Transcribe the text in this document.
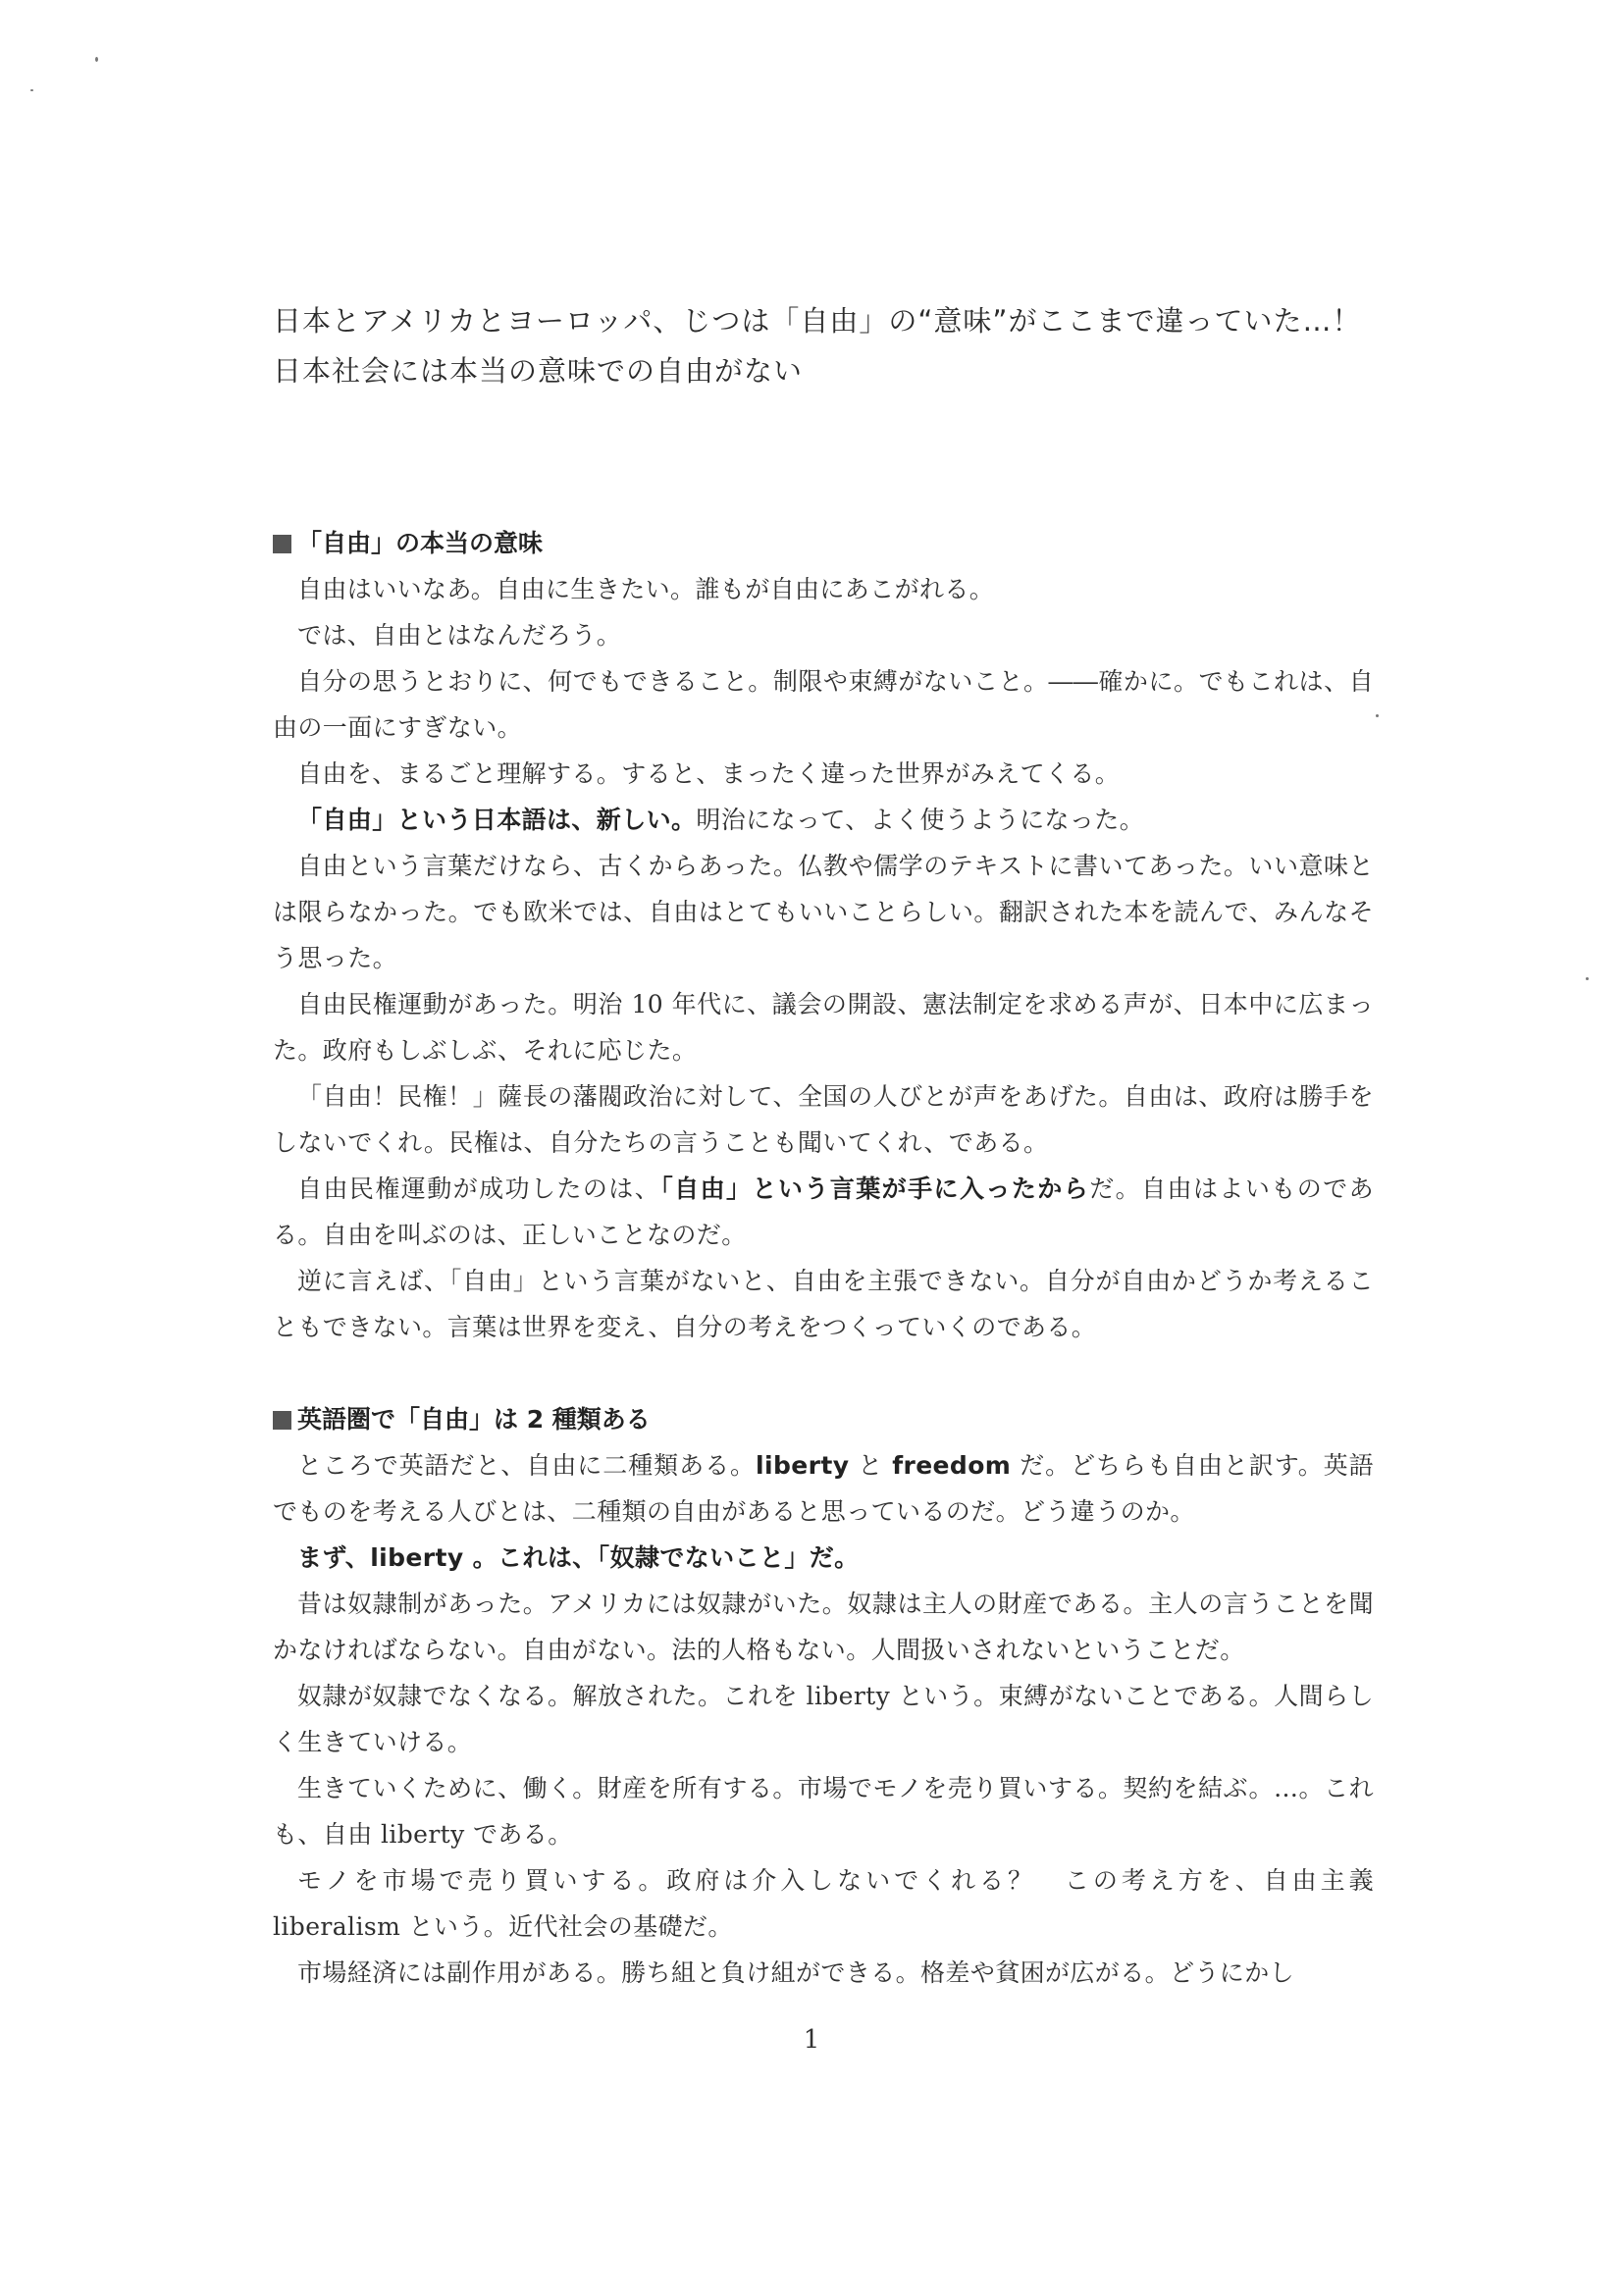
日本とアメリカとヨーロッパ、じつは「自由」の“意味”がここまで違っていた…！
日本社会には本当の意味での自由がない
「自由」の本当の意味

自由はいいなあ。自由に生きたい。誰もが自由にあこがれる。

では、自由とはなんだろう。

自分の思うとおりに、何でもできること。制限や束縛がないこと。――確かに。でもこれは、自由の一面にすぎない。

自由を、まるごと理解する。すると、まったく違った世界がみえてくる。

「自由」という日本語は、新しい。明治になって、よく使うようになった。

自由という言葉だけなら、古くからあった。仏教や儒学のテキストに書いてあった。いい意味とは限らなかった。でも欧米では、自由はとてもいいことらしい。翻訳された本を読んで、みんなそう思った。

自由民権運動があった。明治 10 年代に、議会の開設、憲法制定を求める声が、日本中に広まった。政府もしぶしぶ、それに応じた。

「自由！民権！」薩長の藩閥政治に対して、全国の人びとが声をあげた。自由は、政府は勝手をしないでくれ。民権は、自分たちの言うことも聞いてくれ、である。

自由民権運動が成功したのは、「自由」という言葉が手に入ったからだ。自由はよいものである。自由を叫ぶのは、正しいことなのだ。

逆に言えば、「自由」という言葉がないと、自由を主張できない。自分が自由かどうか考えることもできない。言葉は世界を変え、自分の考えをつくっていくのである。

英語圏で「自由」は 2 種類ある

ところで英語だと、自由に二種類ある。liberty と freedom だ。どちらも自由と訳す。英語でものを考える人びとは、二種類の自由があると思っているのだ。どう違うのか。

まず、liberty 。これは、「奴隷でないこと」だ。

昔は奴隷制があった。アメリカには奴隷がいた。奴隷は主人の財産である。主人の言うことを聞かなければならない。自由がない。法的人格もない。人間扱いされないということだ。

奴隷が奴隷でなくなる。解放された。これを liberty という。束縛がないことである。人間らしく生きていける。

生きていくために、働く。財産を所有する。市場でモノを売り買いする。契約を結ぶ。…。これも、自由 liberty である。

モノを市場で売り買いする。政府は介入しないでくれる？　この考え方を、自由主義 liberalism という。近代社会の基礎だ。

市場経済には副作用がある。勝ち組と負け組ができる。格差や貧困が広がる。どうにかし

1
